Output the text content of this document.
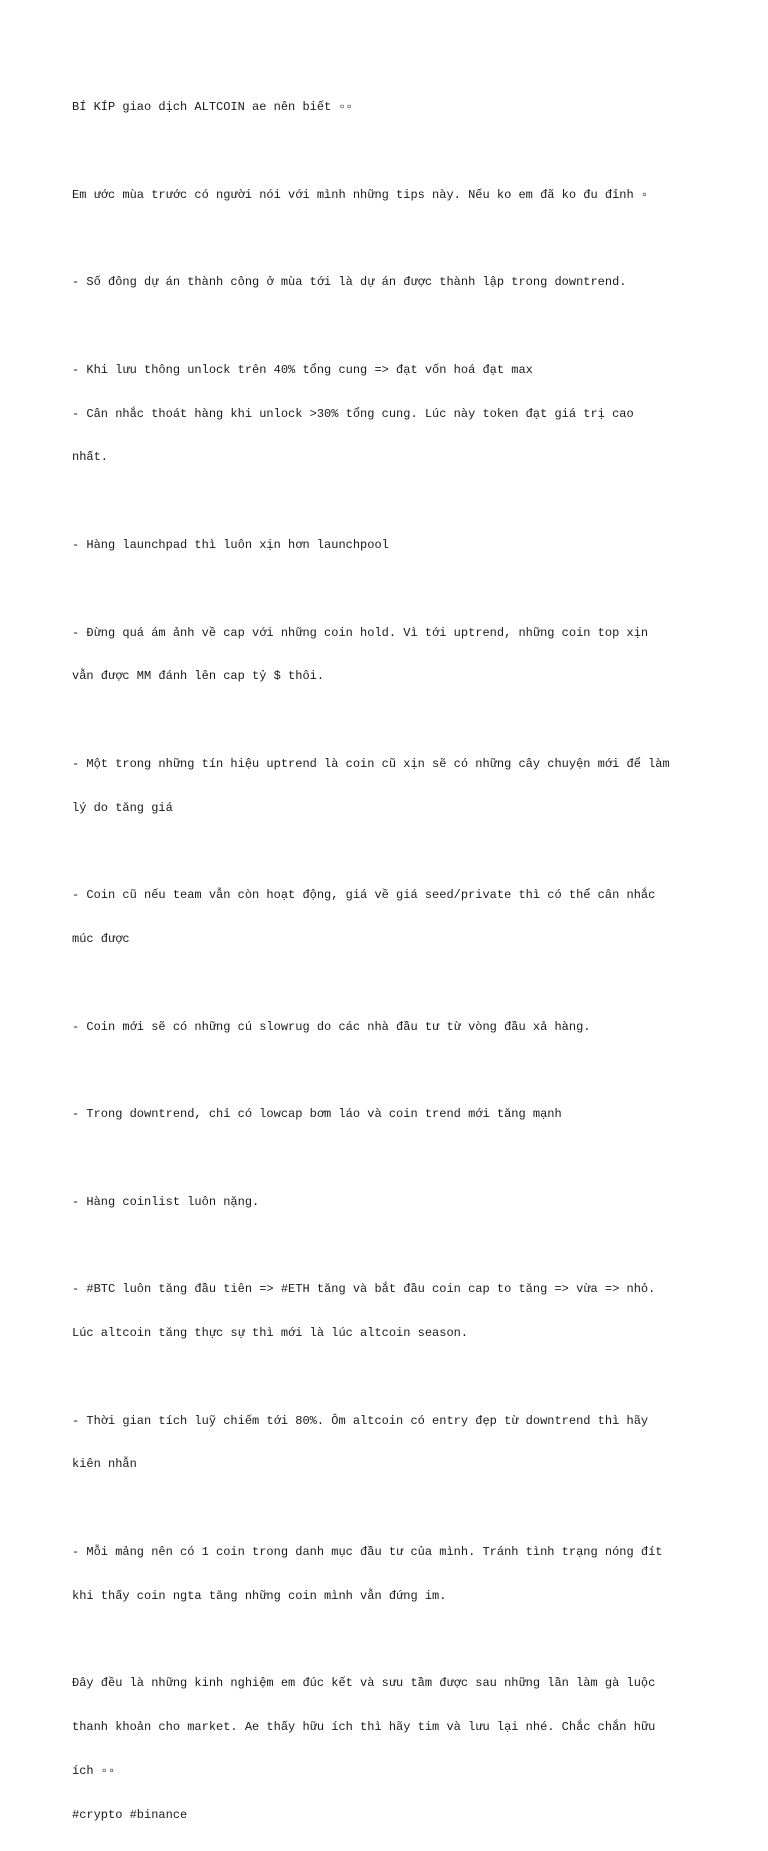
BÍ KÍP giao dịch ALTCOIN ae nên biết ▫▫

Em ước mùa trước có người nói với mình những tips này. Nếu ko em đã ko đu đỉnh ▫

- Số đông dự án thành công ở mùa tới là dự án được thành lập trong downtrend.

- Khi lưu thông unlock trên 40% tổng cung => đạt vốn hoá đạt max

- Cân nhắc thoát hàng khi unlock >30% tổng cung. Lúc này token đạt giá trị cao

nhất.

- Hàng launchpad thì luôn xịn hơn launchpool

- Đừng quá ám ảnh về cap với những coin hold. Vì tới uptrend, những coin top xịn

vẫn được MM đánh lên cap tỷ $ thôi.

- Một trong những tín hiệu uptrend là coin cũ xịn sẽ có những cây chuyện mới để làm

lý do tăng giá

- Coin cũ nếu team vẫn còn hoạt động, giá về giá seed/private thì có thể cân nhắc

múc được

- Coin mới sẽ có những cú slowrug do các nhà đầu tư từ vòng đầu xả hàng.

- Trong downtrend, chỉ có lowcap bơm láo và coin trend mới tăng mạnh

- Hàng coinlist luôn nặng.

- #BTC luôn tăng đầu tiên => #ETH tăng và bắt đầu coin cap to tăng => vừa => nhỏ.

Lúc altcoin tăng thực sự thì mới là lúc altcoin season.

- Thời gian tích luỹ chiếm tới 80%. Ôm altcoin có entry đẹp từ downtrend thì hãy

kiên nhẫn

- Mỗi mảng nên có 1 coin trong danh mục đầu tư của mình. Tránh tình trạng nóng đít

khi thấy coin ngta tăng những coin mình vẫn đứng im.

Đây đều là những kinh nghiệm em đúc kết và sưu tầm được sau những lần làm gà luộc

thanh khoản cho market. Ae thấy hữu ích thì hãy tim và lưu lại nhé. Chắc chắn hữu

ích ▫▫

#crypto #binance
